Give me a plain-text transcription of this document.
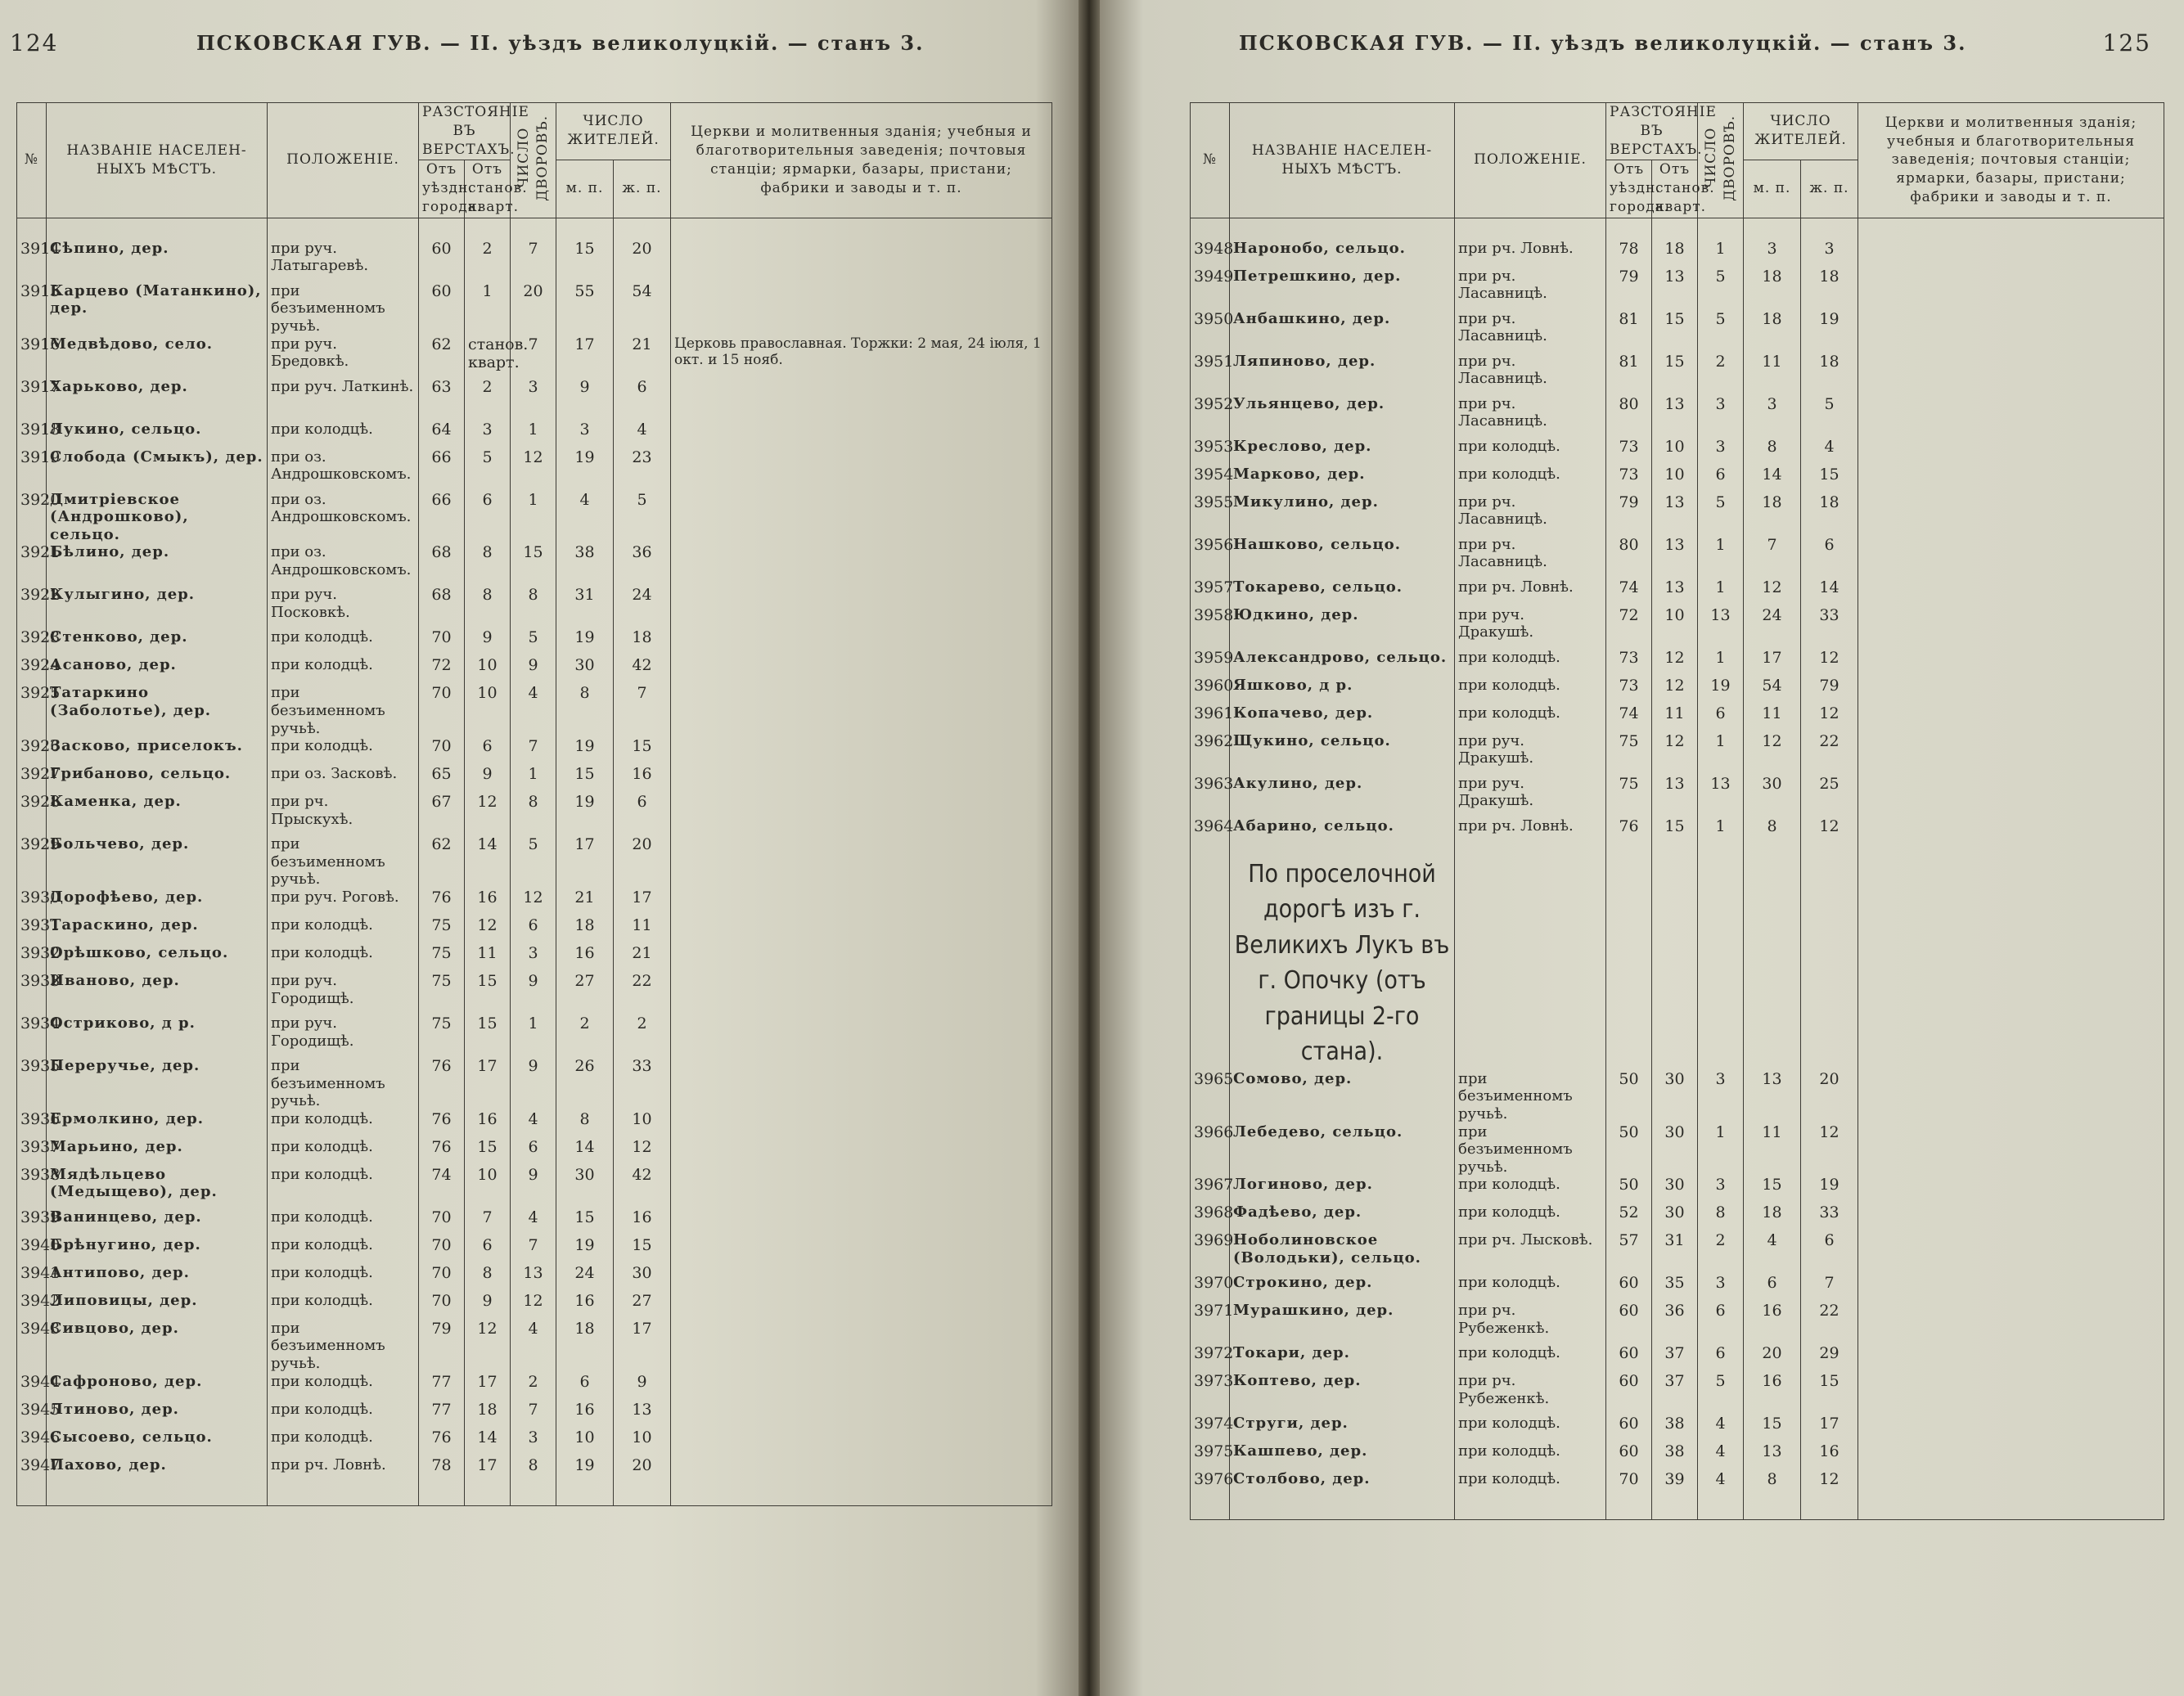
124	ПСКОВСКАЯ ГУВ. — II. уѣздъ великолуцкій. — станъ 3.
№	НАЗВАНІЕ НАСЕЛЕН- НЫХЪ МѢСТЪ.	ПОЛОЖЕНІЕ.	РАЗСТОЯНІЕ ВЪ ВЕРСТАХЪ.		ЧИСЛО ДВОРОВЪ.	ЧИСЛО ЖИТЕЛЕЙ.		Церкви и молитвенныя зданія; учебныя и благотворительныя заведенія; почтовыя станціи; ярмарки, базары, пристани; фабрики и заводы и т. п.
			Отъ уѣздн. города.	Отъ станов. кварт.				
						м. п.	ж. п.	

3914	Сѣпино, дер.	при руч. Латыгаревѣ.	60	2	7	15	20	
3915	Карцево (Матанкино), дер.	при безъименномъ ручьѣ.	60	1	20	55	54	
3916	Медвѣдово, село.	при руч. Бредовкѣ.	62	станов. кварт.	7	17	21	Церковь православная. Торжки: 2 мая, 24 іюля, 1 окт. и 15 нояб.
3917	Харьково, дер.	при руч. Латкинѣ.	63	2	3	9	6	
3918	Лукино, сельцо.	при колодцѣ.	64	3	1	3	4	
3919	Слобода (Смыкъ), дер.	при оз. Андрошковскомъ.	66	5	12	19	23	
3920	Дмитріевское (Андрошково), сельцо.	при оз. Андрошковскомъ.	66	6	1	4	5	
3921	Бѣлино, дер.	при оз. Андрошковскомъ.	68	8	15	38	36	
3922	Кулыгино, дер.	при руч. Посковкѣ.	68	8	8	31	24	
3923	Стенково, дер.	при колодцѣ.	70	9	5	19	18	
3924	Асаново, дер.	при колодцѣ.	72	10	9	30	42	
3925	Татаркино (Заболотье), дер.	при безъименномъ ручьѣ.	70	10	4	8	7	
3926	Засково, приселокъ.	при колодцѣ.	70	6	7	19	15	
3927	Грибаново, сельцо.	при оз. Засковѣ.	65	9	1	15	16	
3928	Каменка, дер.	при рч. Прыскухѣ.	67	12	8	19	6	
3929	Больчево, дер.	при безъименномъ ручьѣ.	62	14	5	17	20	
3930	Дорофѣево, дер.	при руч. Роговѣ.	76	16	12	21	17	
3931	Тараскино, дер.	при колодцѣ.	75	12	6	18	11	
3932	Орѣшково, сельцо.	при колодцѣ.	75	11	3	16	21	
3933	Иваново, дер.	при руч. Городищѣ.	75	15	9	27	22	
3934	Остриково, д р.	при руч. Городищѣ.	75	15	1	2	2	
3935	Переручье, дер.	при безъименномъ ручьѣ.	76	17	9	26	33	
3936	Ермолкино, дер.	при колодцѣ.	76	16	4	8	10	
3937	Марьино, дер.	при колодцѣ.	76	15	6	14	12	
3938	Мядѣльцево (Медыщево), дер.	при колодцѣ.	74	10	9	30	42	
3939	Ванинцево, дер.	при колодцѣ.	70	7	4	15	16	
3940	Брѣнугино, дер.	при колодцѣ.	70	6	7	19	15	
3941	Антипово, дер.	при колодцѣ.	70	8	13	24	30	
3942	Липовицы, дер.	при колодцѣ.	70	9	12	16	27	
3943	Сивцово, дер.	при безъименномъ ручьѣ.	79	12	4	18	17	
3944	Сафроново, дер.	при колодцѣ.	77	17	2	6	9	
3945	Лтиново, дер.	при колодцѣ.	77	18	7	16	13	
3946	Сысоево, сельцо.	при колодцѣ.	76	14	3	10	10	
3947	Пахово, дер.	при рч. Ловнѣ.	78	17	8	19	20	
ПСКОВСКАЯ ГУВ. — II. уѣздъ великолуцкій. — станъ 3.	125
№	НАЗВАНІЕ НАСЕЛЕН- НЫХЪ МѢСТЪ.	ПОЛОЖЕНІЕ.	РАЗСТОЯНІЕ ВЪ ВЕРСТАХЪ.		ЧИСЛО ДВОРОВЪ.	ЧИСЛО ЖИТЕЛЕЙ.		Церкви и молитвенныя зданія; учебныя и благотворительныя заведенія; почтовыя станціи; ярмарки, базары, пристани; фабрики и заводы и т. п.
			Отъ уѣздн. города.	Отъ станов. кварт.				
						м. п.	ж. п.	

3948	Наронобо, сельцо.	при рч. Ловнѣ.	78	18	1	3	3	
3949	Петрешкино, дер.	при рч. Ласавницѣ.	79	13	5	18	18	
3950	Анбашкино, дер.	при рч. Ласавницѣ.	81	15	5	18	19	
3951	Ляпиново, дер.	при рч. Ласавницѣ.	81	15	2	11	18	
3952	Ульянцево, дер.	при рч. Ласавницѣ.	80	13	3	3	5	
3953	Креслово, дер.	при колодцѣ.	73	10	3	8	4	
3954	Марково, дер.	при колодцѣ.	73	10	6	14	15	
3955	Микулино, дер.	при рч. Ласавницѣ.	79	13	5	18	18	
3956	Нашково, сельцо.	при рч. Ласавницѣ.	80	13	1	7	6	
3957	Токарево, сельцо.	при рч. Ловнѣ.	74	13	1	12	14	
3958	Юдкино, дер.	при руч. Дракушѣ.	72	10	13	24	33	
3959	Александрово, сельцо.	при колодцѣ.	73	12	1	17	12	
3960	Яшково, д р.	при колодцѣ.	73	12	19	54	79	
3961	Копачево, дер.	при колодцѣ.	74	11	6	11	12	
3962	Щукино, сельцо.	при руч. Дракушѣ.	75	12	1	12	22	
3963	Акулино, дер.	при руч. Дракушѣ.	75	13	13	30	25	
3964	Абарино, сельцо.	при рч. Ловнѣ.	76	15	1	8	12	

	По проселочной дорогѣ изъ г. Великихъ Лукъ въ г. Опочку (отъ границы 2-го стана).							

3965	Сомово, дер.	при безъименномъ ручьѣ.	50	30	3	13	20	
3966	Лебедево, сельцо.	при безъименномъ ручьѣ.	50	30	1	11	12	
3967	Логиново, дер.	при колодцѣ.	50	30	3	15	19	
3968	Фадѣево, дер.	при колодцѣ.	52	30	8	18	33	
3969	Ноболиновское (Володьки), сельцо.	при рч. Лысковѣ.	57	31	2	4	6	
3970	Строкино, дер.	при колодцѣ.	60	35	3	6	7	
3971	Мурашкино, дер.	при рч. Рубеженкѣ.	60	36	6	16	22	
3972	Токари, дер.	при колодцѣ.	60	37	6	20	29	
3973	Коптево, дер.	при рч. Рубеженкѣ.	60	37	5	16	15	
3974	Струги, дер.	при колодцѣ.	60	38	4	15	17	
3975	Кашпево, дер.	при колодцѣ.	60	38	4	13	16	
3976	Столбово, дер.	при колодцѣ.	70	39	4	8	12	
